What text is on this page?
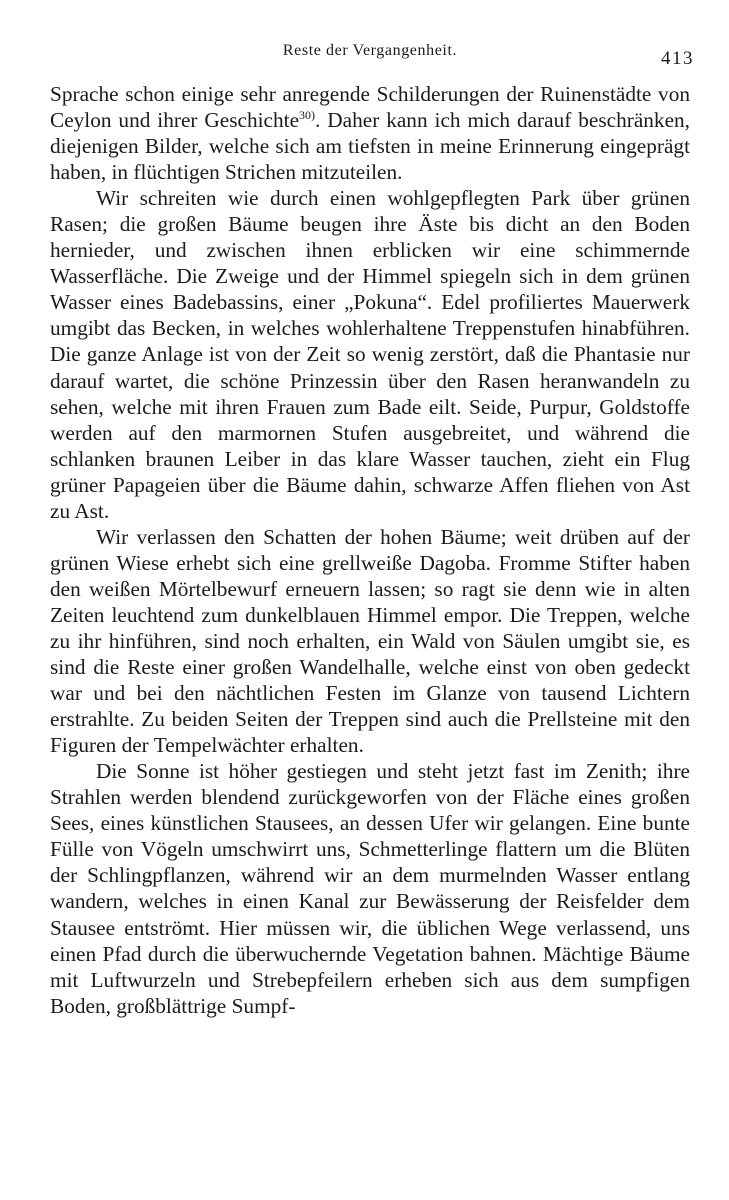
Reste der Vergangenheit.	413

Sprache schon einige sehr anregende Schilderungen der Ruinenstädte von Ceylon und ihrer Geschichte$^{30)}$. Daher kann ich mich darauf beschränken, diejenigen Bilder, welche sich am tiefsten in meine Erinnerung eingeprägt haben, in flüchtigen Strichen mitzuteilen.

Wir schreiten wie durch einen wohlgepflegten Park über grünen Rasen; die großen Bäume beugen ihre Äste bis dicht an den Boden hernieder, und zwischen ihnen erblicken wir eine schimmernde Wasserfläche. Die Zweige und der Himmel spiegeln sich in dem grünen Wasser eines Badebassins, einer „Pokuna“. Edel profiliertes Mauerwerk umgibt das Becken, in welches wohlerhaltene Treppenstufen hinabführen. Die ganze Anlage ist von der Zeit so wenig zerstört, daß die Phantasie nur darauf wartet, die schöne Prinzessin über den Rasen heranwandeln zu sehen, welche mit ihren Frauen zum Bade eilt. Seide, Purpur, Goldstoffe werden auf den marmornen Stufen ausgebreitet, und während die schlanken braunen Leiber in das klare Wasser tauchen, zieht ein Flug grüner Papageien über die Bäume dahin, schwarze Affen fliehen von Ast zu Ast.

Wir verlassen den Schatten der hohen Bäume; weit drüben auf der grünen Wiese erhebt sich eine grellweiße Dagoba. Fromme Stifter haben den weißen Mörtelbewurf erneuern lassen; so ragt sie denn wie in alten Zeiten leuchtend zum dunkelblauen Himmel empor. Die Treppen, welche zu ihr hinführen, sind noch erhalten, ein Wald von Säulen umgibt sie, es sind die Reste einer großen Wandelhalle, welche einst von oben gedeckt war und bei den nächtlichen Festen im Glanze von tausend Lichtern erstrahlte. Zu beiden Seiten der Treppen sind auch die Prellsteine mit den Figuren der Tempelwächter erhalten.

Die Sonne ist höher gestiegen und steht jetzt fast im Zenith; ihre Strahlen werden blendend zurückgeworfen von der Fläche eines großen Sees, eines künstlichen Stausees, an dessen Ufer wir gelangen. Eine bunte Fülle von Vögeln umschwirrt uns, Schmetterlinge flattern um die Blüten der Schlingpflanzen, während wir an dem murmelnden Wasser entlang wandern, welches in einen Kanal zur Bewässerung der Reisfelder dem Stausee entströmt. Hier müssen wir, die üblichen Wege verlassend, uns einen Pfad durch die überwuchernde Vegetation bahnen. Mächtige Bäume mit Luftwurzeln und Strebepfeilern erheben sich aus dem sumpfigen Boden, großblättrige Sumpf-
